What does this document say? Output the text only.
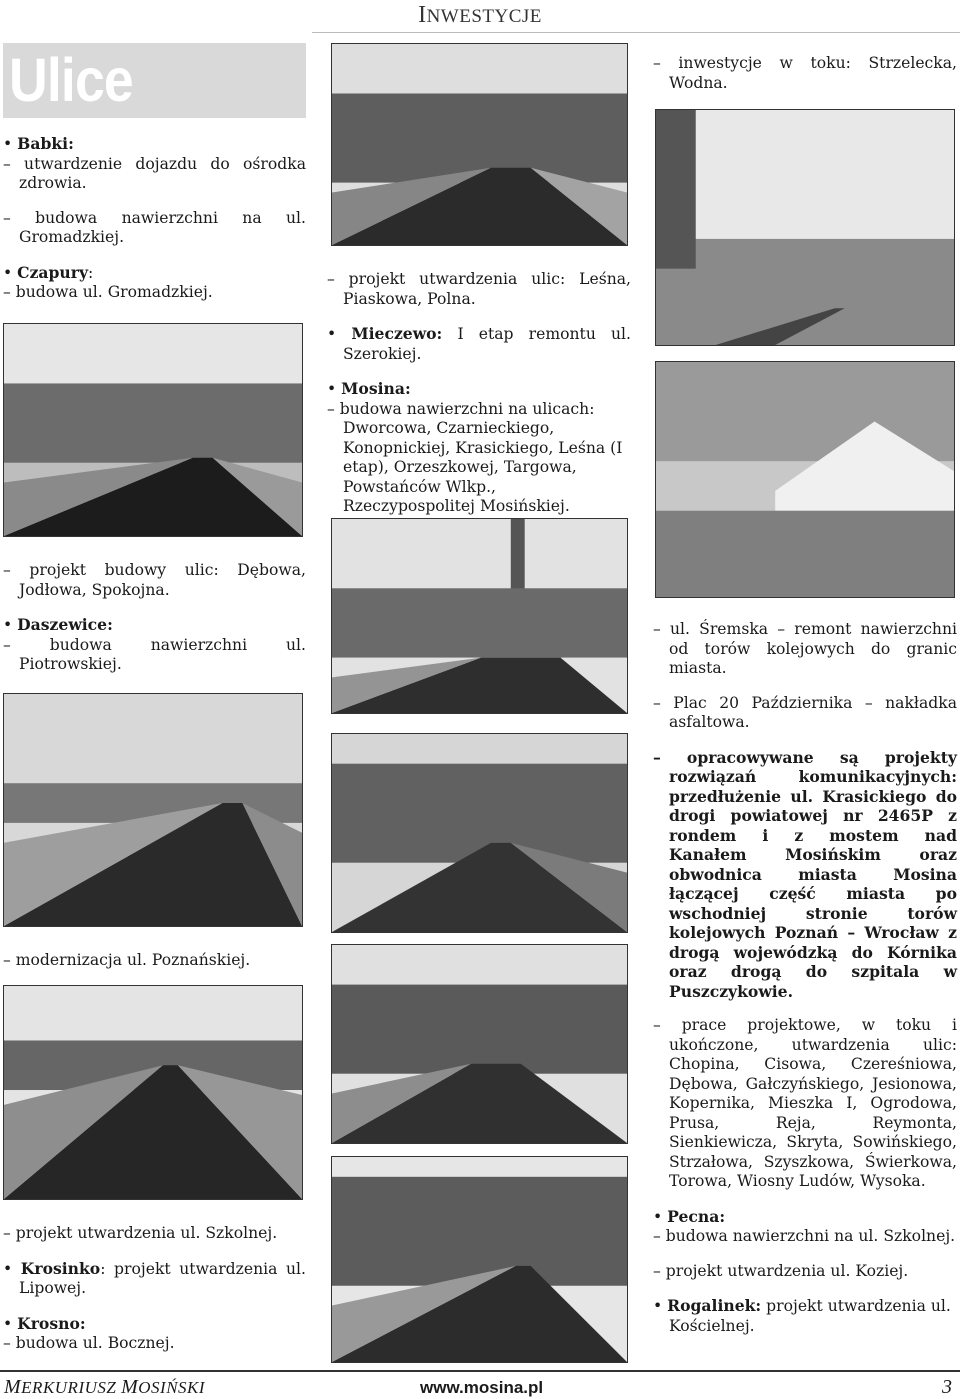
INWESTYCJE
Ulice
• Babki:
– utwardzenie dojazdu do ośrodka zdrowia.
– budowa nawierzchni na ul. Gromadzkiej.
• Czapury:
– budowa ul. Gromadzkiej.
– projekt budowy ulic: Dębowa, Jodłowa, Spokojna.
• Daszewice:
– budowa nawierzchni ul. Piotrowskiej.
– modernizacja ul. Poznańskiej.
– projekt utwardzenia ul. Szkolnej.
• Krosinko: projekt utwardzenia ul. Lipowej.
• Krosno:
– budowa ul. Bocznej.
– projekt utwardzenia ulic: Leśna, Piaskowa, Polna.
• Mieczewo: I etap remontu ul. Szerokiej.
• Mosina:
– budowa nawierzchni na ulicach: Dworcowa, Czarnieckiego, Konopnickiej, Krasickiego, Leśna (I etap), Orzeszkowej, Targowa, Powstańców Wlkp., Rzeczypospolitej Mosińskiej.
– inwestycje w toku: Strzelecka, Wodna.
– ul. Śremska – remont nawierzchni od torów kolejowych do granic miasta.
– Plac 20 Października – nakładka asfaltowa.
– opracowywane są projekty rozwiązań komunikacyjnych: przedłużenie ul. Krasickiego do drogi powiatowej nr 2465P z rondem i z mostem nad Kanałem Mosińskim oraz obwodnica miasta Mosina łączącej część miasta po wschodniej stronie torów kolejowych Poznań – Wrocław z drogą wojewódzką do Kórnika oraz drogą do szpitala w Puszczykowie.
– prace projektowe, w toku i ukończone, utwardzenia ulic: Chopina, Cisowa, Czereśniowa, Dębowa, Gałczyńskiego, Jesionowa, Kopernika, Mieszka I, Ogrodowa, Prusa, Reja, Reymonta, Sienkiewicza, Skryta, Sowińskiego, Strzałowa, Szyszkowa, Świerkowa, Torowa, Wiosny Ludów, Wysoka.
• Pecna:
– budowa nawierzchni na ul. Szkolnej.
– projekt utwardzenia ul. Koziej.
• Rogalinek: projekt utwardzenia ul. Kościelnej.
MERKURIUSZ MOSIŃSKI	www.mosina.pl	3
